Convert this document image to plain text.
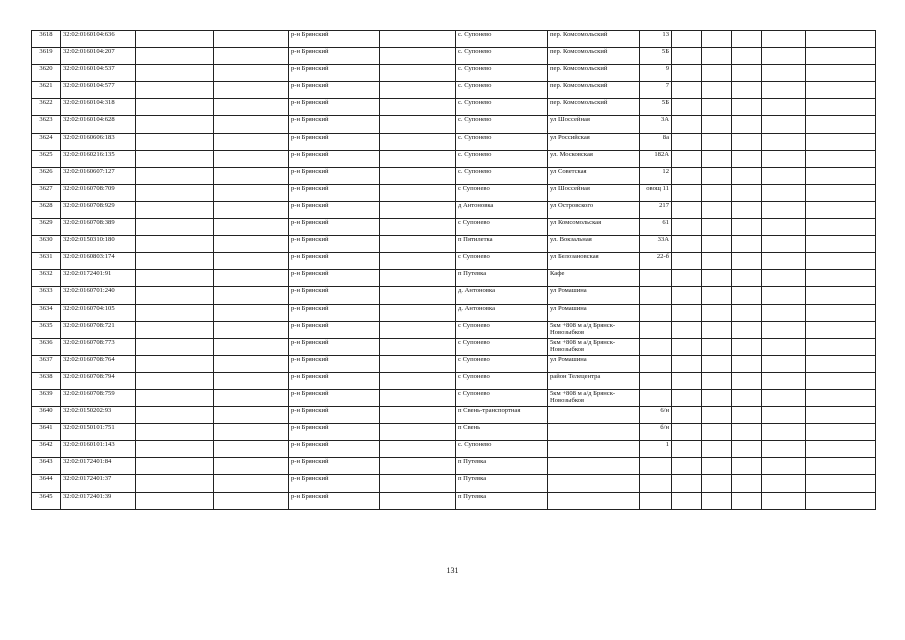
3618	32:02:0160104:636			р-н Брянский		с. Супонево	пер. Комсомольский	13					
3619	32:02:0160104:207			р-н Брянский		с. Супонево	пер. Комсомольский	5Б					
3620	32:02:0160104:537			р-н Брянский		с. Супонево	пер. Комсомольский	9					
3621	32:02:0160104:577			р-н Брянский		с. Супонево	пер. Комсомольский	7					
3622	32:02:0160104:318			р-н Брянский		с. Супонево	пер. Комсомольский	5Б					
3623	32:02:0160104:628			р-н Брянский		с. Супонево	ул Шоссейная	3А					
3624	32:02:0160606:183			р-н Брянский		с. Супонево	ул Российская	8а					
3625	32:02:0160216:135			р-н Брянский		с. Супонево	ул. Московская	182А					
3626	32:02:0160607:127			р-н Брянский		с. Супонево	ул Советская	12					
3627	32:02:0160708:709			р-н Брянский		с Супонево	ул Шоссейная	овощ 11					
3628	32:02:0160708:929			р-н Брянский		д Антоновка	ул Островского	217					
3629	32:02:0160708:389			р-н Брянский		с Супонево	ул Комсомольская	61					
3630	32:02:0150310:180			р-н Брянский		п Пятилетка	ул. Вокзальная	33А					
3631	32:02:0160803:174			р-н Брянский		с Супонево	ул Белозановская	22-б					
3632	32:02:0172401:91			р-н Брянский		п Путевка	Кафе						
3633	32:02:0160701:240			р-н Брянский		д. Антоновка	ул Ромашина						
3634	32:02:0160704:105			р-н Брянский		д. Антоновка	ул Ромашина						
3635	32:02:0160708:721			р-н Брянский		с Супонево	5км +808 м а/д Брянск-Новозыбков						
3636	32:02:0160708:773			р-н Брянский		с Супонево	5км +808 м а/д Брянск-Новозыбков						
3637	32:02:0160708:764			р-н Брянский		с Супонево	ул Ромашина						
3638	32:02:0160708:794			р-н Брянский		с Супонево	район Телецентра						
3639	32:02:0160708:759			р-н Брянский		с Супонево	5км +808 м а/д Брянск-Новозыбков						
3640	32:02:0150202:93			р-н Брянский		п Свень-транспортная		6/н					
3641	32:02:0150101:751			р-н Брянский		п Свень		б/н					
3642	32:02:0160101:143			р-н Брянский		с. Супонево		1					
3643	32:02:0172401:84			р-н Брянский		п Путевка							
3644	32:02:0172401:37			р-н Брянский		п Путевка							
3645	32:02:0172401:39			р-н Брянский		п Путевка							
131
